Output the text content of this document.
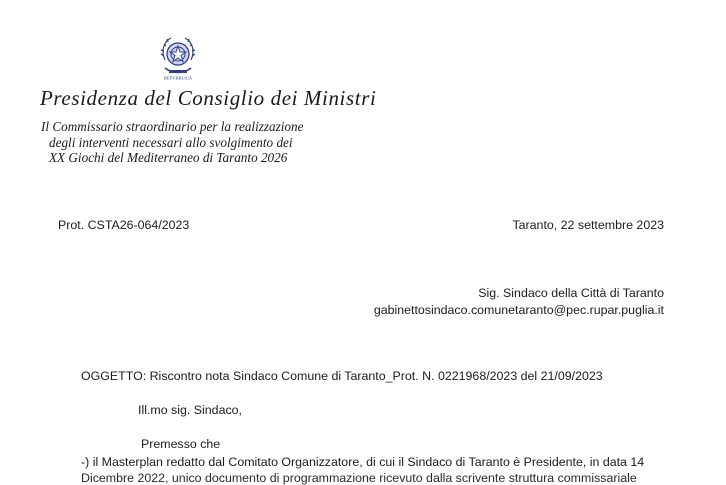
REPVBBLICA
Presidenza del Consiglio dei Ministri
Il Commissario straordinario per la realizzazione
degli interventi necessari allo svolgimento dei
XX Giochi del Mediterraneo di Taranto 2026
Prot. CSTA26-064/2023	Taranto, 22 settembre 2023
Sig. Sindaco della Città di Taranto
gabinettosindaco.comunetaranto@pec.rupar.puglia.it
OGGETTO: Riscontro nota Sindaco Comune di Taranto_Prot. N. 0221968/2023 del 21/09/2023
Ill.mo sig. Sindaco,
Premesso che
-) il Masterplan redatto dal Comitato Organizzatore, di cui il Sindaco di Taranto è Presidente, in data 14
Dicembre 2022, unico documento di programmazione ricevuto dalla scrivente struttura commissariale
